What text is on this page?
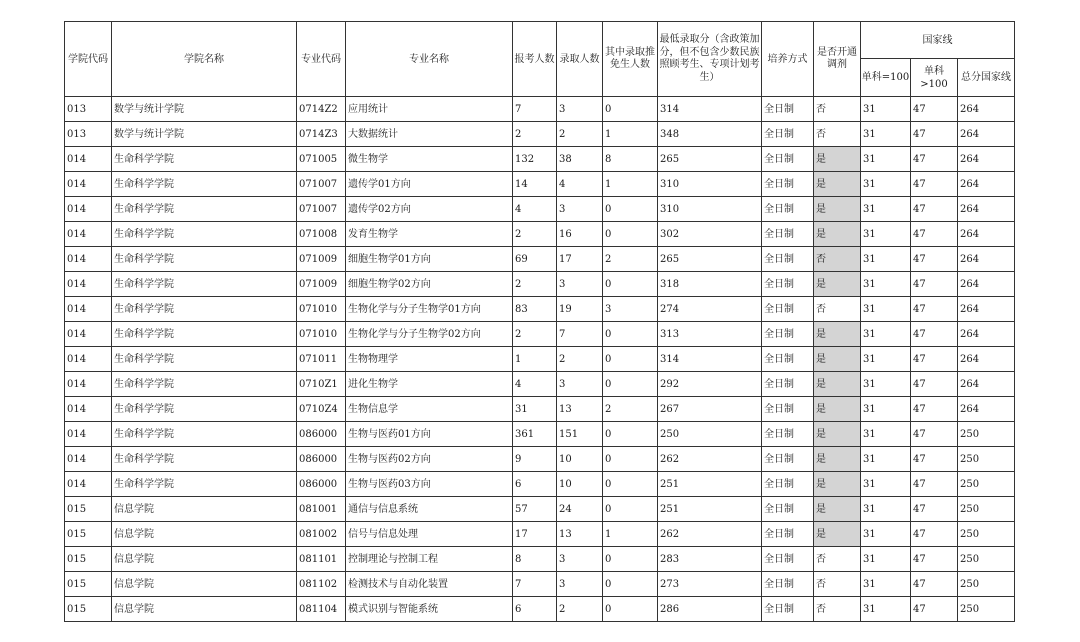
学院代码	学院名称	专业代码	专业名称	报考人数	录取人数	其中录取推免生人数	最低录取分（含政策加分，但不包含少数民族照顾考生、专项计划考生）	培养方式	是否开通调剂	国家线		
										单科=100	单科>100	总分国家线
013	数学与统计学院	0714Z2	应用统计	7	3	0	314	全日制	否	31	47	264
013	数学与统计学院	0714Z3	大数据统计	2	2	1	348	全日制	否	31	47	264
014	生命科学学院	071005	微生物学	132	38	8	265	全日制	是	31	47	264
014	生命科学学院	071007	遗传学01方向	14	4	1	310	全日制	是	31	47	264
014	生命科学学院	071007	遗传学02方向	4	3	0	310	全日制	是	31	47	264
014	生命科学学院	071008	发育生物学	2	16	0	302	全日制	是	31	47	264
014	生命科学学院	071009	细胞生物学01方向	69	17	2	265	全日制	否	31	47	264
014	生命科学学院	071009	细胞生物学02方向	2	3	0	318	全日制	是	31	47	264
014	生命科学学院	071010	生物化学与分子生物学01方向	83	19	3	274	全日制	否	31	47	264
014	生命科学学院	071010	生物化学与分子生物学02方向	2	7	0	313	全日制	是	31	47	264
014	生命科学学院	071011	生物物理学	1	2	0	314	全日制	是	31	47	264
014	生命科学学院	0710Z1	进化生物学	4	3	0	292	全日制	是	31	47	264
014	生命科学学院	0710Z4	生物信息学	31	13	2	267	全日制	是	31	47	264
014	生命科学学院	086000	生物与医药01方向	361	151	0	250	全日制	是	31	47	250
014	生命科学学院	086000	生物与医药02方向	9	10	0	262	全日制	是	31	47	250
014	生命科学学院	086000	生物与医药03方向	6	10	0	251	全日制	是	31	47	250
015	信息学院	081001	通信与信息系统	57	24	0	251	全日制	是	31	47	250
015	信息学院	081002	信号与信息处理	17	13	1	262	全日制	是	31	47	250
015	信息学院	081101	控制理论与控制工程	8	3	0	283	全日制	否	31	47	250
015	信息学院	081102	检测技术与自动化装置	7	3	0	273	全日制	否	31	47	250
015	信息学院	081104	模式识别与智能系统	6	2	0	286	全日制	否	31	47	250
